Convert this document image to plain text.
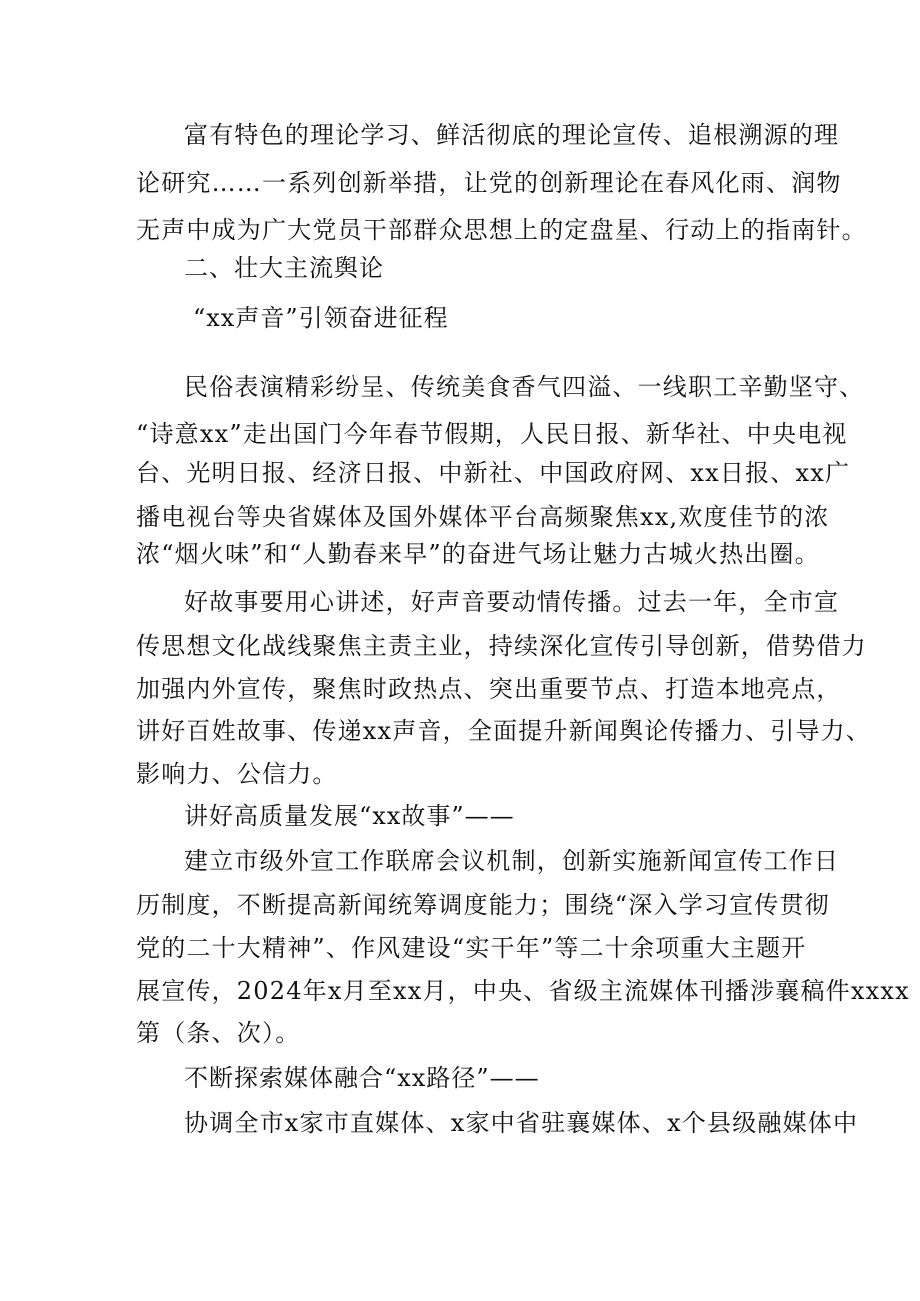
富有特色的理论学习、鲜活彻底的理论宣传、追根溯源的理
论研究……一系列创新举措，让党的创新理论在春风化雨、润物
无声中成为广大党员干部群众思想上的定盘星、行动上的指南针。
二、壮大主流舆论
“xx声音”引领奋进征程
民俗表演精彩纷呈、传统美食香气四溢、一线职工辛勤坚守、
“诗意xx”走出国门今年春节假期，人民日报、新华社、中央电视
台、光明日报、经济日报、中新社、中国政府网、xx日报、xx广
播电视台等央省媒体及国外媒体平台高频聚焦xx,欢度佳节的浓
浓“烟火味”和“人勤春来早”的奋进气场让魅力古城火热出圈。
好故事要用心讲述，好声音要动情传播。过去一年，全市宣
传思想文化战线聚焦主责主业，持续深化宣传引导创新，借势借力
加强内外宣传，聚焦时政热点、突出重要节点、打造本地亮点，
讲好百姓故事、传递xx声音，全面提升新闻舆论传播力、引导力、
影响力、公信力。
讲好高质量发展“xx故事”——
建立市级外宣工作联席会议机制，创新实施新闻宣传工作日
历制度，不断提高新闻统筹调度能力；围绕“深入学习宣传贯彻
党的二十大精神”、作风建设“实干年”等二十余项重大主题开
展宣传，2024年x月至xx月，中央、省级主流媒体刊播涉襄稿件xxxx
第（条、次）。
不断探索媒体融合“xx路径”——
协调全市x家市直媒体、x家中省驻襄媒体、x个县级融媒体中
